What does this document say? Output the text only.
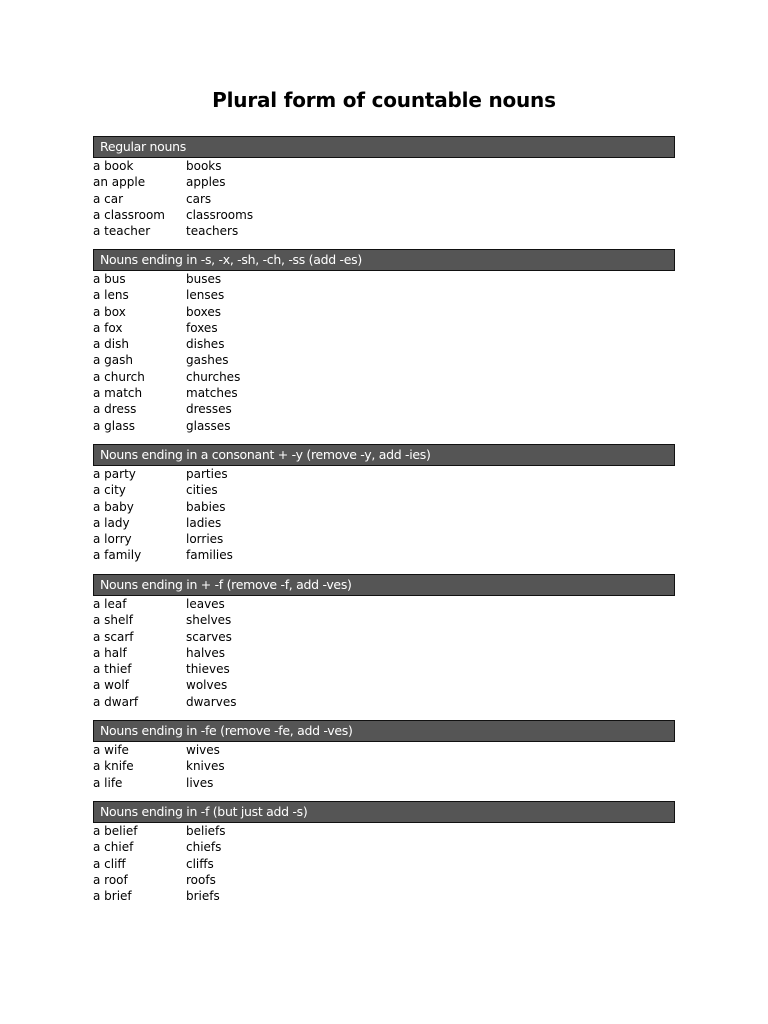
Plural form of countable nouns
Regular nouns
a book	books
an apple	apples
a car	cars
a classroom classrooms
a teacher	teachers
Nouns ending in -s, -x, -sh, -ch, -ss (add -es)
a bus	buses
a lens	lenses
a box	boxes
a fox	foxes
a dish	dishes
a gash	gashes
a church	churches
a match	matches
a dress	dresses
a glass	glasses
Nouns ending in a consonant + -y (remove -y, add -ies)
a party	parties
a city	cities
a baby	babies
a lady	ladies
a lorry	lorries
a family	families
Nouns ending in + -f (remove -f, add -ves)
a leaf	leaves
a shelf	shelves
a scarf	scarves
a half	halves
a thief	thieves
a wolf	wolves
a dwarf	dwarves
Nouns ending in -fe (remove -fe, add -ves)
a wife	wives
a knife	knives
a life	lives
Nouns ending in -f (but just add -s)
a belief	beliefs
a chief	chiefs
a cliff	cliffs
a roof	roofs
a brief	briefs
